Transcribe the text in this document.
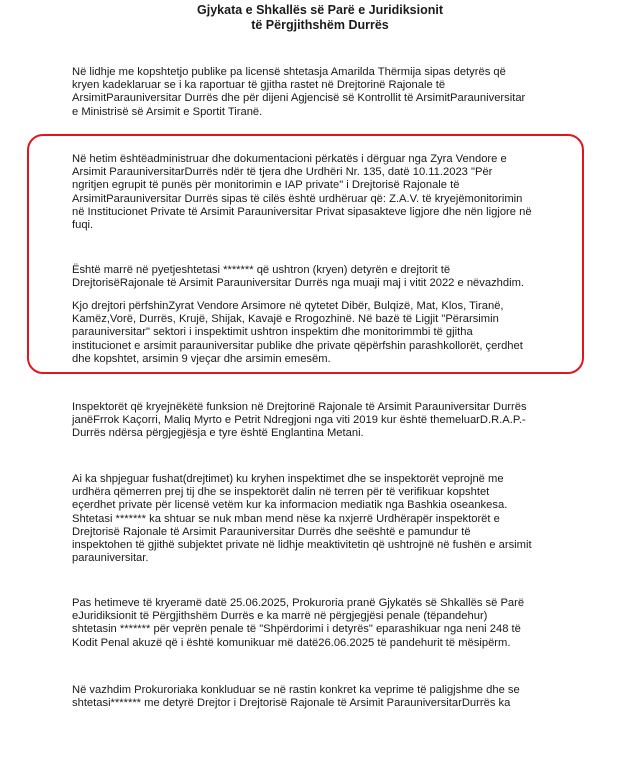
Gjykata e Shkallës së Parë e Juridiksionit
të Përgjithshëm Durrës
Në lidhje me kopshtetjo publike pa licensë shtetasja Amarilda Thërmija sipas detyrës që
kryen kadeklaruar se i ka raportuar të gjitha rastet në Drejtorinë Rajonale të
ArsimitParauniversitar Durrës dhe për dijeni Agjencisë së Kontrollit të ArsimitParauniversitar
e Ministrisë së Arsimit e Sportit Tiranë.
Në hetim ështëadministruar dhe dokumentacioni përkatës i dërguar nga Zyra Vendore e
Arsimit ParauniversitarDurrës ndër të tjera dhe Urdhëri Nr. 135, datë 10.11.2023 "Për
ngritjen egrupit të punës për monitorimin e IAP private" i Drejtorisë Rajonale të
ArsimitParauniversitar Durrës sipas të cilës është urdhëruar që: Z.A.V. të kryejëmonitorimin
në Institucionet Private të Arsimit Parauniversitar Privat sipasakteve ligjore dhe nën ligjore në
fuqi.
Është marrë në pyetjeshtetasi ******* që ushtron (kryen) detyrën e drejtorit të
DrejtorisëRajonale të Arsimit Parauniversitar Durrës nga muaji maj i vitit 2022 e nëvazhdim.
Kjo drejtori përfshinZyrat Vendore Arsimore në qytetet Dibër, Bulqizë, Mat, Klos, Tiranë,
Kamëz,Vorë, Durrës, Krujë, Shijak, Kavajë e Rrogozhinë. Në bazë të Ligjit "Përarsimin
parauniversitar" sektori i inspektimit ushtron inspektim dhe monitorimmbi të gjitha
institucionet e arsimit parauniversitar publike dhe private qëpërfshin parashkollorët, çerdhet
dhe kopshtet, arsimin 9 vjeçar dhe arsimin emesëm.
Inspektorët që kryejnëkëtë funksion në Drejtorinë Rajonale të Arsimit Parauniversitar Durrës
janëFrrok Kaçorri, Maliq Myrto e Petrit Ndregjoni nga viti 2019 kur është themeluarD.R.A.P.-
Durrës ndërsa përgjegjësja e tyre është Englantina Metani.
Ai ka shpjeguar fushat(drejtimet) ku kryhen inspektimet dhe se inspektorët veprojnë me
urdhëra qëmerren prej tij dhe se inspektorët dalin në terren për të verifikuar kopshtet
eçerdhet private për licensë vetëm kur ka informacion mediatik nga Bashkia oseankesa.
Shtetasi ******* ka shtuar se nuk mban mend nëse ka nxjerrë Urdhërapër inspektorët e
Drejtorisë Rajonale të Arsimit Parauniversitar Durrës dhe seështë e pamundur të
inspektohen të gjithë subjektet private në lidhje meaktivitetin që ushtrojnë në fushën e arsimit
parauniversitar.
Pas hetimeve të kryeramë datë 25.06.2025, Prokuroria pranë Gjykatës së Shkallës së Parë
eJuridiksionit të Përgjithshëm Durrës e ka marrë në përgjegjësi penale (tëpandehur)
shtetasin ******* për veprën penale të "Shpërdorimi i detyrës" eparashikuar nga neni 248 të
Kodit Penal akuzë që i është komunikuar më datë26.06.2025 të pandehurit të mësipërm.
Në vazhdim Prokuroriaka konkluduar se në rastin konkret ka veprime të paligjshme dhe se
shtetasi******* me detyrë Drejtor i Drejtorisë Rajonale të Arsimit ParauniversitarDurrës ka
